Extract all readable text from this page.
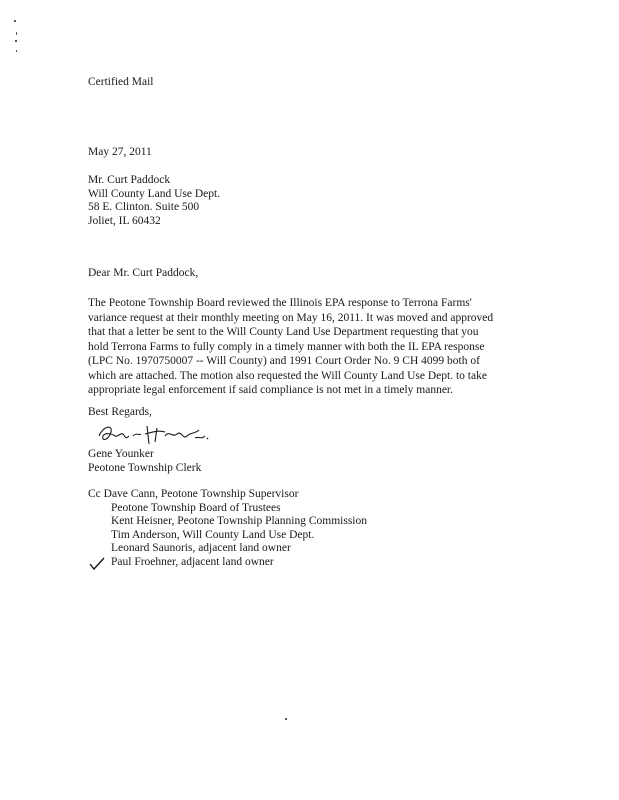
Certified Mail
May 27, 2011
Mr. Curt Paddock
Will County Land Use Dept.
58 E. Clinton. Suite 500
Joliet, IL 60432
Dear Mr. Curt Paddock,
The Peotone Township Board reviewed the Illinois EPA response to Terrona Farms'
variance request at their monthly meeting on May 16, 2011. It was moved and approved
that that a letter be sent to the Will County Land Use Department requesting that you
hold Terrona Farms to fully comply in a timely manner with both the IL EPA response
(LPC No. 1970750007 -- Will County) and 1991 Court Order No. 9 CH 4099 both of
which are attached. The motion also requested the Will County Land Use Dept. to take
appropriate legal enforcement if said compliance is not met in a timely manner.
Best Regards,
Gene Younker
Peotone Township Clerk
Cc Dave Cann, Peotone Township Supervisor
Peotone Township Board of Trustees
Kent Heisner, Peotone Township Planning Commission
Tim Anderson, Will County Land Use Dept.
Leonard Saunoris, adjacent land owner
Paul Froehner, adjacent land owner
